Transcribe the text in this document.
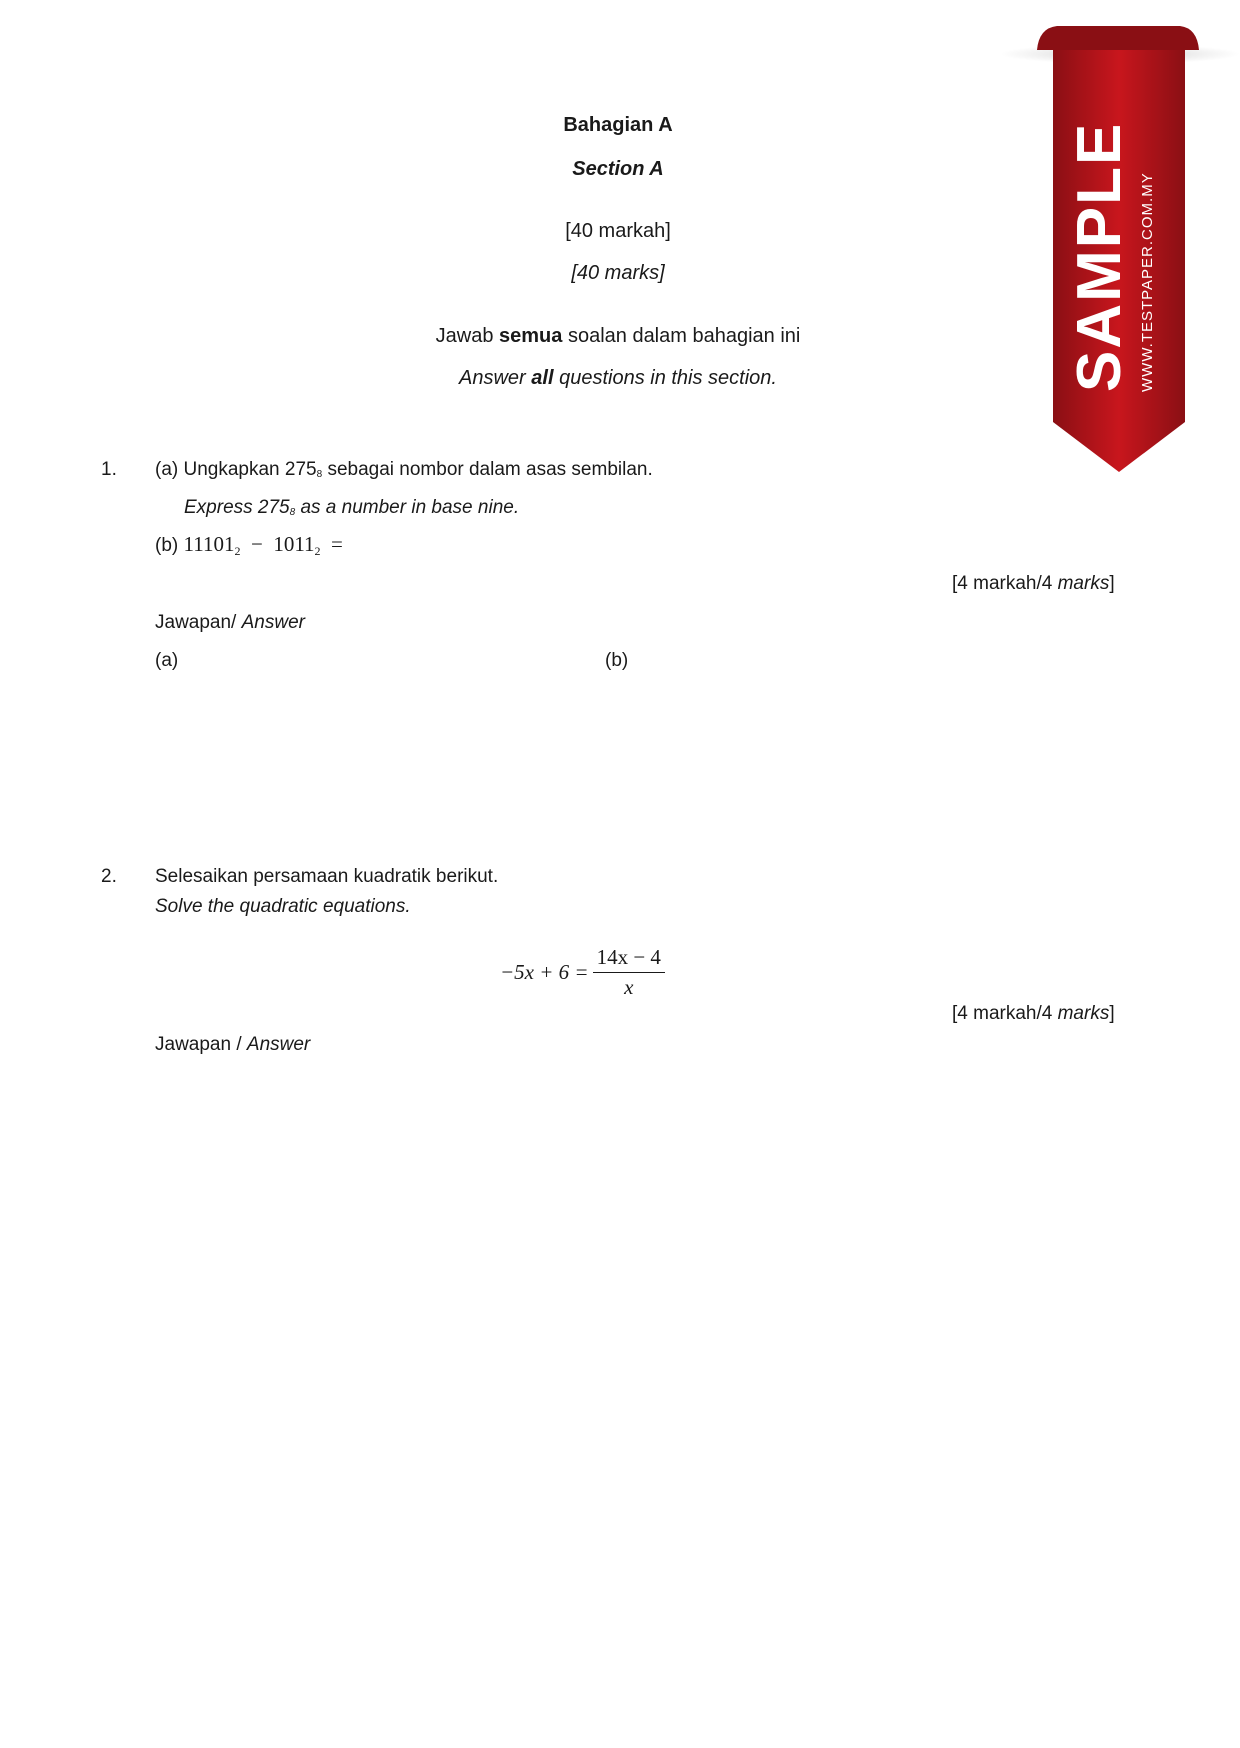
Bahagian A
Section A
[40 markah]
[40 marks]
Jawab semua soalan dalam bahagian ini
Answer all questions in this section.
1. (a) Ungkapkan $275_8$ sebagai nombor dalam asas sembilan.
Express $275_8$ as a number in base nine.
(b) $11101_2 - 1011_2$ =
[4 markah/4 marks]
Jawapan/ Answer
(a)	(b)
2. Selesaikan persamaan kuadratik berikut.
Solve the quadratic equations.
$-5x + 6 = \frac{14x - 4}{x}$
[4 markah/4 marks]
Jawapan / Answer
SAMPLE WWW.TESTPAPER.COM.MY
